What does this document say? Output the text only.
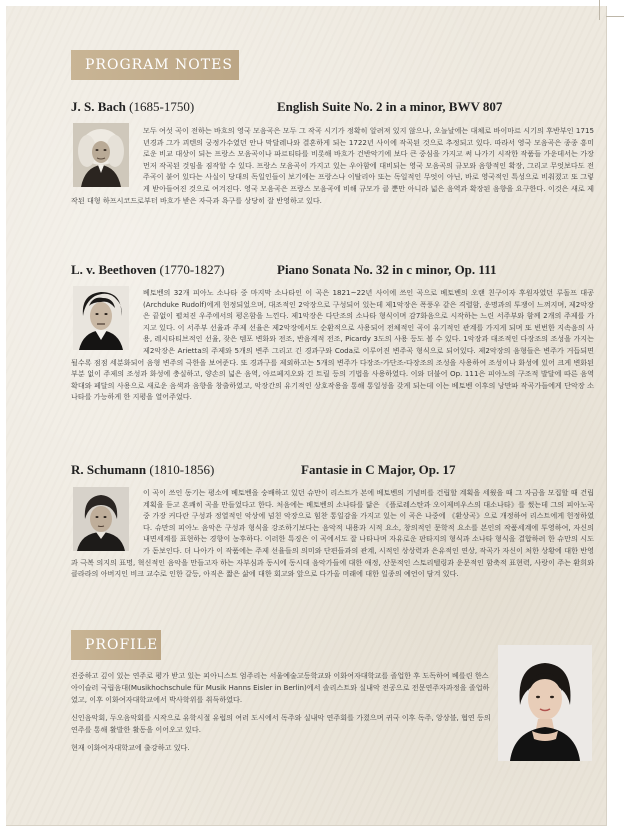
PROGRAM NOTES
J. S. Bach (1685-1750)	English Suite No. 2 in a minor, BWV 807

모두 여섯 곡이 전하는 바흐의 영국 모음곡은 모두 그 작곡 시기가 정확히 알려져 있지 않으나, 오늘날에는 대체로 바이마르 시기의 후반부인 1715년경과 그가 괴텐의 궁정가수였던 안나 막달레나와 결혼하게 되는 1722년 사이에 작곡된 것으로 추정되고 있다. 따라서 영국 모음곡은 종종 흥미로운 비교 대상이 되는 프랑스 모음곡이나 파르티타를 비롯해 바흐가 건반악기에 보다 큰 중심을 가지고 써 나가기 시작한 작품들 가운데서는 가장 먼저 작곡된 것임을 짐작할 수 있다. 프랑스 모음곡이 가지고 있는 우아함에 대비되는 영국 모음곡의 규모와 음향적인 확장, 그리고 무엇보다도 전주곡이 붙어 있다는 사실이 당대의 독일인들이 보기에는 프랑스나 이탈리아 또는 독일적인 무엇이 아닌, 바로 영국적인 특성으로 비춰졌고 또 그렇게 받아들여진 것으로 여겨진다. 영국 모음곡은 프랑스 모음곡에 비해 규모가 클 뿐만 아니라 넓은 음역과 확장된 음향을 요구한다. 이것은 새로 제작된 대형 하프시코드로부터 바흐가 받은 자극과 욕구를 상당히 잘 반영하고 있다.

L. v. Beethoven (1770-1827)	Piano Sonata No. 32 in c minor, Op. 111

베토벤의 32개 피아노 소나타 중 마지막 소나타인 이 곡은 1821~22년 사이에 쓰인 곡으로 베토벤의 오랜 친구이자 후원자였던 루돌프 대공(Archduke Rudolf)에게 헌정되었으며, 대조적인 2악장으로 구성되어 있는데 제1악장은 폭풍우 같은 격렬함, 운명과의 투쟁이 느껴지며, 제2악장은 끝없이 펼쳐진 우주에서의 평온함을 느낀다. 제1악장은 다단조의 소나타 형식이며 감7화음으로 시작하는 느린 서주부와 함께 2개의 주제를 가지고 있다. 이 서주부 선율과 주제 선율은 제2악장에서도 순환적으로 사용되어 전체적인 곡이 유기적인 관계를 가지게 되며 또 빈번한 지속음의 사용, 레시타티브적인 선율, 잦은 템포 변화와 전조, 반음계적 전조, Picardy 3도의 사용 등도 볼 수 있다. 1악장과 대조적인 다장조의 조성을 가지는 제2악장은 Arietta의 주제와 5개의 변주 그리고 긴 경과구와 Coda로 이루어진 변주곡 형식으로 되어있다. 제2악장의 음형들은 변주가 거듭되면 될수록 점점 세분화되어 음형 변주의 극한을 보여준다. 또 경과구를 제외하고는 5개의 변주가 다장조-가단조-다장조의 조성을 사용하여 조성이나 화성에 있어 크게 변화된 부분 없이 주제의 조성과 화성에 충실하고, 양손의 넓은 음역, 아르페지오와 긴 트릴 등의 기법을 사용하였다. 이와 더불어 Op. 111은 피아노의 구조적 발달에 따른 음역 확대와 페달의 사용으로 새로운 음색과 음향을 창출하였고, 악장간의 유기적인 상호작용을 통해 통일성을 갖게 되는데 이는 베토벤 이후의 낭만파 작곡가들에게 단악장 소나타를 가능하게 한 지평을 열어주었다.

R. Schumann (1810-1856)	Fantasie in C Major, Op. 17

이 곡이 쓰인 동기는 평소에 베토벤을 숭배하고 있던 슈만이 리스트가 본에 베토벤의 기념비를 건립할 계획을 세웠을 때 그 자금을 모집할 때 건립 계획을 듣고 흔쾌히 곡을 만들었다고 한다. 처음에는 베토벤의 소나타를 닮은 《플로레스탄과 오이제비우스의 대소나타》를 썼는데 그의 피아노곡 중 가장 커다란 구성과 정열적인 악상에 넘친 악장으로 힘찬 통일감을 가지고 있는 이 곡은 나중에 《환상곡》으로 개정하여 리스트에게 헌정하였다. 슈만의 피아노 음악은 구성과 형식을 강조하기보다는 음악적 내용과 시적 요소, 창의적인 문학적 요소를 본인의 작품세계에 투영하여, 자신의 내면세계를 표현하는 경향이 농후하다. 이러한 특징은 이 곡에서도 잘 나타나며 자유로운 판타지의 형식과 소나타 형식을 결합하려 한 슈만의 시도가 돋보인다. 더 나아가 이 작품에는 주제 선율들의 의미와 단편들과의 관계, 시적인 상상력과 은유적인 연상, 작곡가 자신이 처한 상황에 대한 반영과 극복 의지의 표명, 혁신적인 음악을 만들고자 하는 자부심과 동시에 동시대 음악가들에 대한 애정, 산문적인 스토리텔링과 운문적인 함축적 표현력, 사랑이 주는 환희와 클라라의 아버지인 비크 교수로 인한 갈등, 아직은 짧은 삶에 대한 회고와 앞으로 다가올 미래에 대한 일종의 예언이 담겨 있다.

PROFILE

진중하고 깊이 있는 연주로 평가 받고 있는 피아니스트 엄주리는 서울예술고등학교와 이화여자대학교를 졸업한 후 도독하여 베를린 한스아이슬러 국립음대(Musikhochschule für Musik Hanns Eisler in Berlin)에서 솔리스트와 실내악 전공으로 전문연주자과정을 졸업하였고, 이후 이화여자대학교에서 박사학위를 취득하였다.

신인음악회, 두오음악회를 시작으로 유학시절 유럽의 여러 도시에서 독주와 실내악 연주회를 가졌으며 귀국 이후 독주, 앙상블, 협연 등의 연주를 통해 활발한 활동을 이어오고 있다.

현재 이화여자대학교에 출강하고 있다.
